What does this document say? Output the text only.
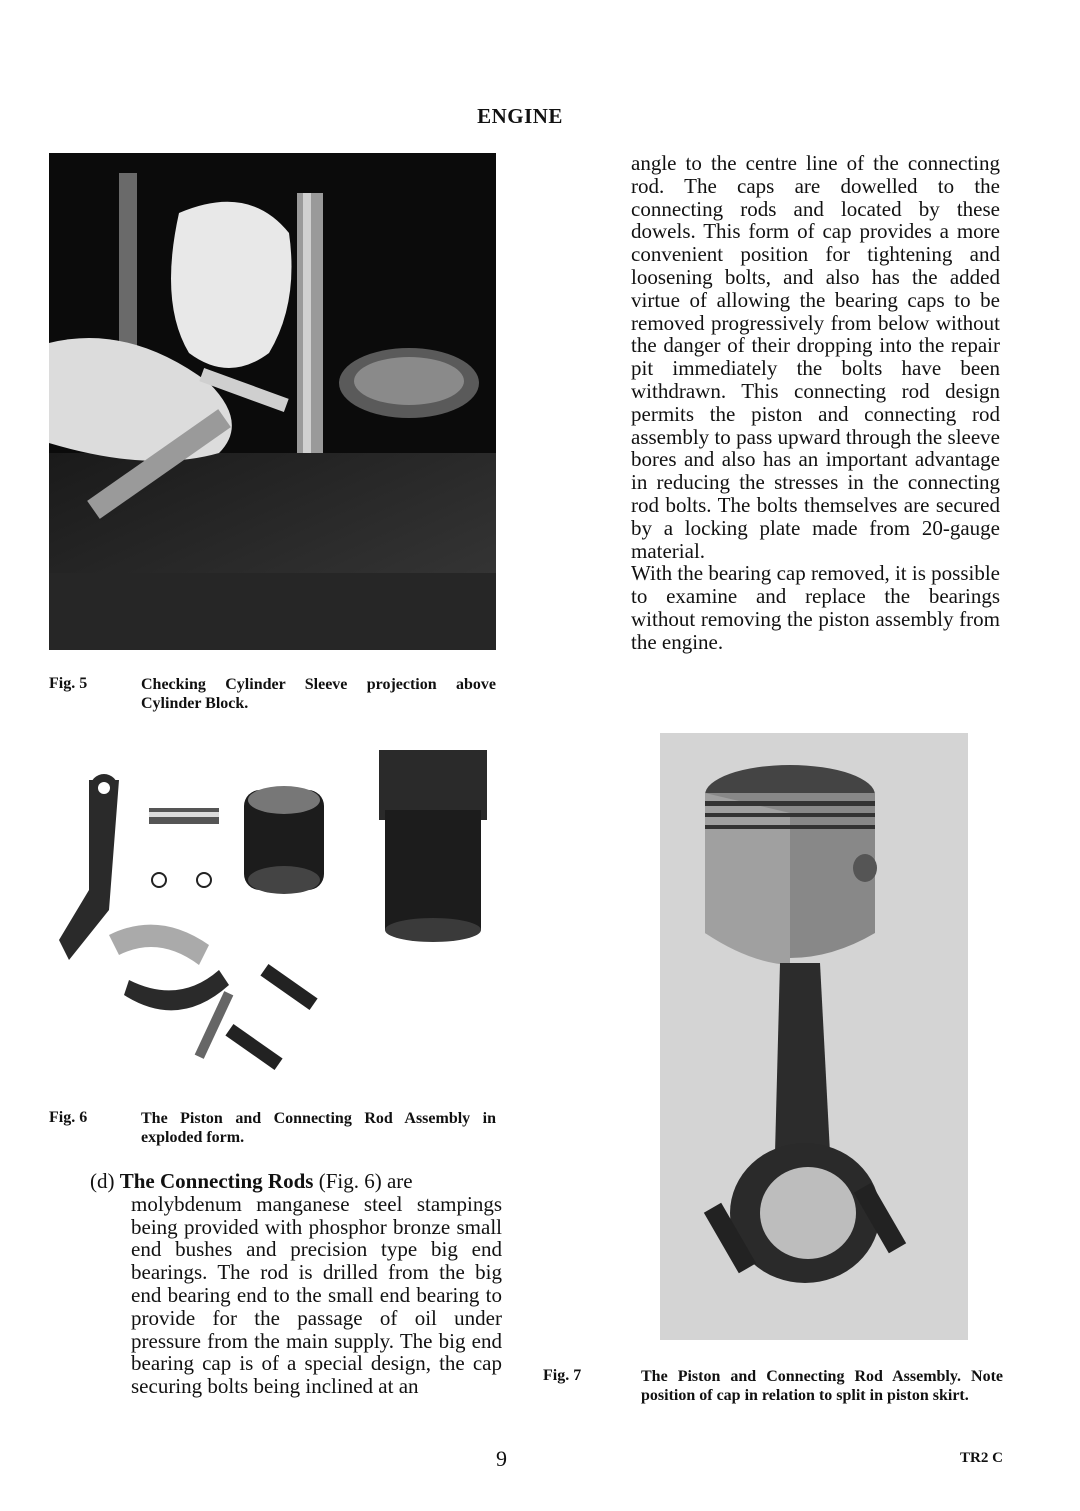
ENGINE
Fig. 5	Checking Cylinder Sleeve projection above Cylinder Block.
Fig. 6	The Piston and Connecting Rod Assembly in exploded form.

(d) The Connecting Rods (Fig. 6) are

molybdenum manganese steel stampings being provided with phosphor bronze small end bushes and precision type big end bearings. The rod is drilled from the big end bearing end to the small end bearing to provide for the passage of oil under pressure from the main supply. The big end bearing cap is of a special design, the cap securing bolts being inclined at an

angle to the centre line of the connecting rod. The caps are dowelled to the connecting rods and located by these dowels. This form of cap provides a more convenient position for tightening and loosening bolts, and also has the added virtue of allowing the bearing caps to be removed progressively from below without the danger of their dropping into the repair pit immediately the bolts have been withdrawn. This connecting rod design permits the piston and connecting rod assembly to pass upward through the sleeve bores and also has an important advantage in reducing the stresses in the connecting rod bolts. The bolts themselves are secured by a locking plate made from 20-gauge material.

With the bearing cap removed, it is possible to examine and replace the bearings without removing the piston assembly from the engine.

Fig. 7	The Piston and Connecting Rod Assembly. Note position of cap in relation to split in piston skirt.
9	TR2 C
